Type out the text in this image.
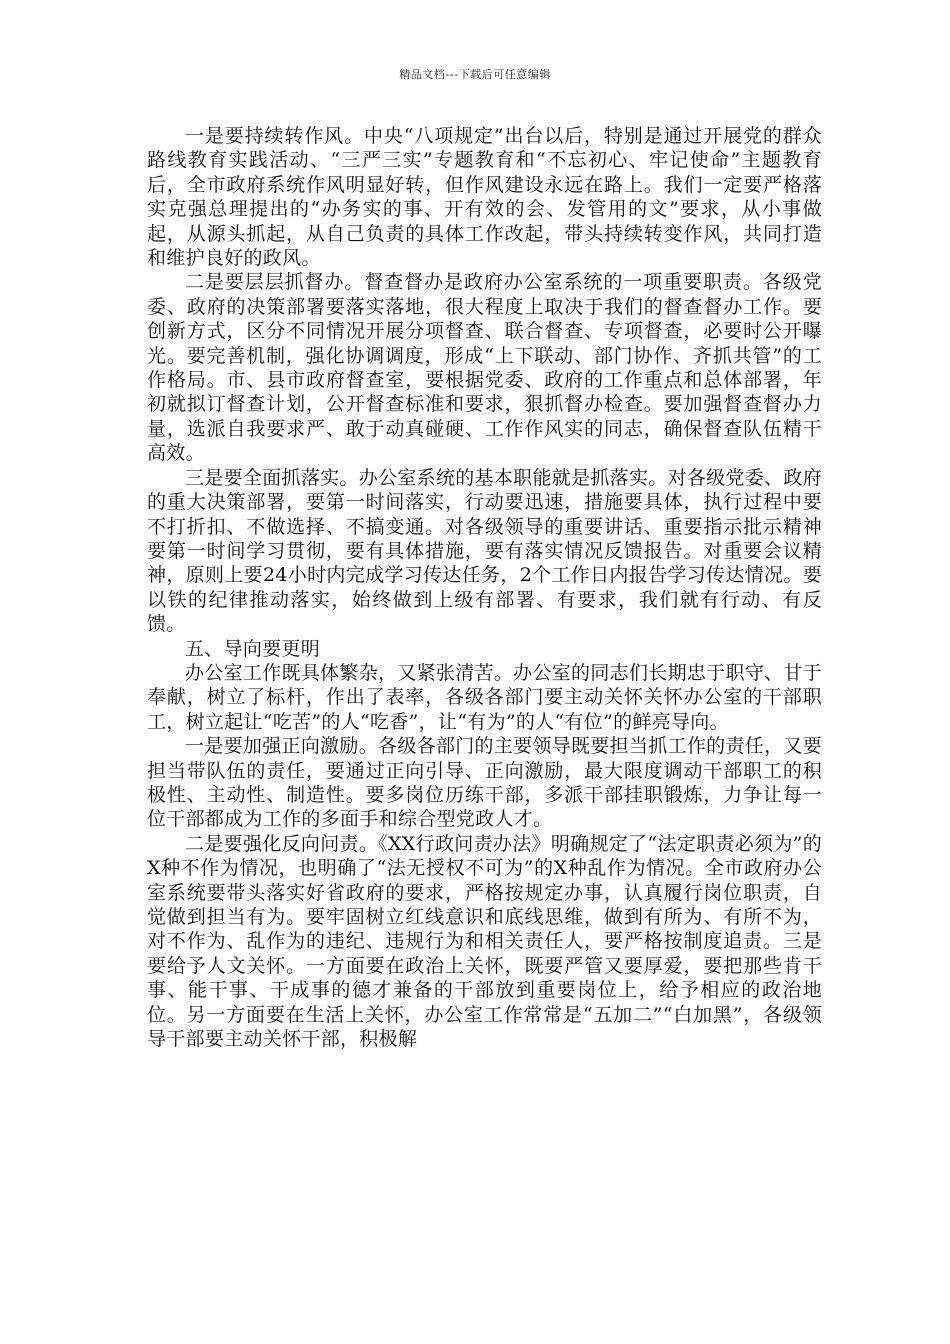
精品文档---下载后可任意编辑

一是要持续转作风。中央“八项规定”出台以后，特别是通过开展党的群众路线教育实践活动、“三严三实”专题教育和“不忘初心、牢记使命”主题教育后，全市政府系统作风明显好转，但作风建设永远在路上。我们一定要严格落实克强总理提出的“办务实的事、开有效的会、发管用的文”要求，从小事做起，从源头抓起，从自己负责的具体工作改起，带头持续转变作风，共同打造和维护良好的政风。

二是要层层抓督办。督查督办是政府办公室系统的一项重要职责。各级党委、政府的决策部署要落实落地，很大程度上取决于我们的督查督办工作。要创新方式，区分不同情况开展分项督查、联合督查、专项督查，必要时公开曝光。要完善机制，强化协调调度，形成“上下联动、部门协作、齐抓共管”的工作格局。市、县市政府督查室，要根据党委、政府的工作重点和总体部署，年初就拟订督查计划，公开督查标准和要求，狠抓督办检查。要加强督查督办力量，选派自我要求严、敢于动真碰硬、工作作风实的同志，确保督查队伍精干高效。

三是要全面抓落实。办公室系统的基本职能就是抓落实。对各级党委、政府的重大决策部署，要第一时间落实，行动要迅速，措施要具体，执行过程中要不打折扣、不做选择、不搞变通。对各级领导的重要讲话、重要指示批示精神要第一时间学习贯彻，要有具体措施，要有落实情况反馈报告。对重要会议精神，原则上要24小时内完成学习传达任务，2个工作日内报告学习传达情况。要以铁的纪律推动落实，始终做到上级有部署、有要求，我们就有行动、有反馈。

五、导向要更明

办公室工作既具体繁杂，又紧张清苦。办公室的同志们长期忠于职守、甘于奉献，树立了标杆，作出了表率，各级各部门要主动关怀关怀办公室的干部职工，树立起让“吃苦”的人“吃香”，让“有为”的人“有位”的鲜亮导向。

一是要加强正向激励。各级各部门的主要领导既要担当抓工作的责任，又要担当带队伍的责任，要通过正向引导、正向激励，最大限度调动干部职工的积极性、主动性、制造性。要多岗位历练干部，多派干部挂职锻炼，力争让每一位干部都成为工作的多面手和综合型党政人才。

二是要强化反向问责。《XX行政问责办法》明确规定了“法定职责必须为”的X种不作为情况，也明确了“法无授权不可为”的X种乱作为情况。全市政府办公室系统要带头落实好省政府的要求，严格按规定办事，认真履行岗位职责，自觉做到担当有为。要牢固树立红线意识和底线思维，做到有所为、有所不为，对不作为、乱作为的违纪、违规行为和相关责任人，要严格按制度追责。三是要给予人文关怀。一方面要在政治上关怀，既要严管又要厚爱，要把那些肯干事、能干事、干成事的德才兼备的干部放到重要岗位上，给予相应的政治地位。另一方面要在生活上关怀，办公室工作常常是“五加二”“白加黑”，各级领导干部要主动关怀干部，积极解
